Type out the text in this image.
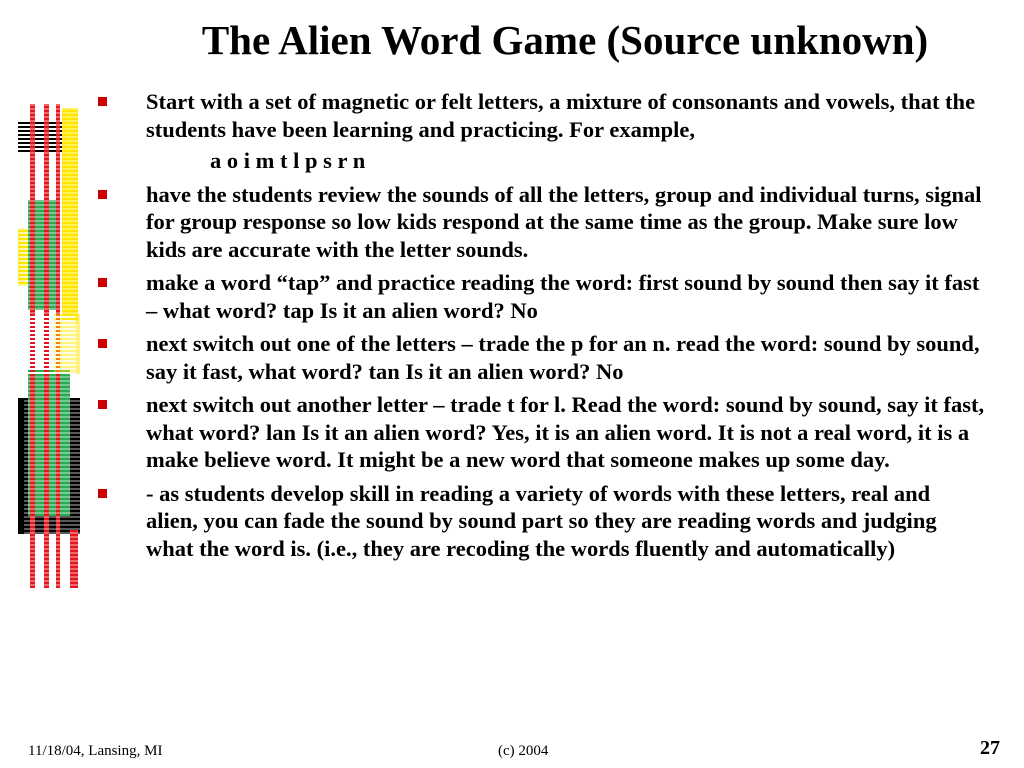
The Alien Word Game (Source unknown)
Start with a set of magnetic or felt letters, a mixture of consonants and vowels, that the students have been learning and practicing. For example,
a o i m t l p s r n
have the students review the sounds of all the letters, group and individual turns, signal for group response so low kids respond at the same time as the group. Make sure low kids are accurate with the letter sounds.
make a word “tap” and practice reading the word: first sound by sound then say it fast – what word? tap Is it an alien word? No
next switch out one of the letters – trade the p for an n. read the word: sound by sound, say it fast, what word? tan Is it an alien word? No
next switch out another letter – trade t for l. Read the word: sound by sound, say it fast, what word? lan Is it an alien word? Yes, it is an alien word. It is not a real word, it is a make believe word. It might be a new word that someone makes up some day.
- as students develop skill in reading a variety of words with these letters, real and alien, you can fade the sound by sound part so they are reading words and judging what the word is. (i.e., they are recoding the words fluently and automatically)
11/18/04, Lansing, MI	(c) 2004	27
